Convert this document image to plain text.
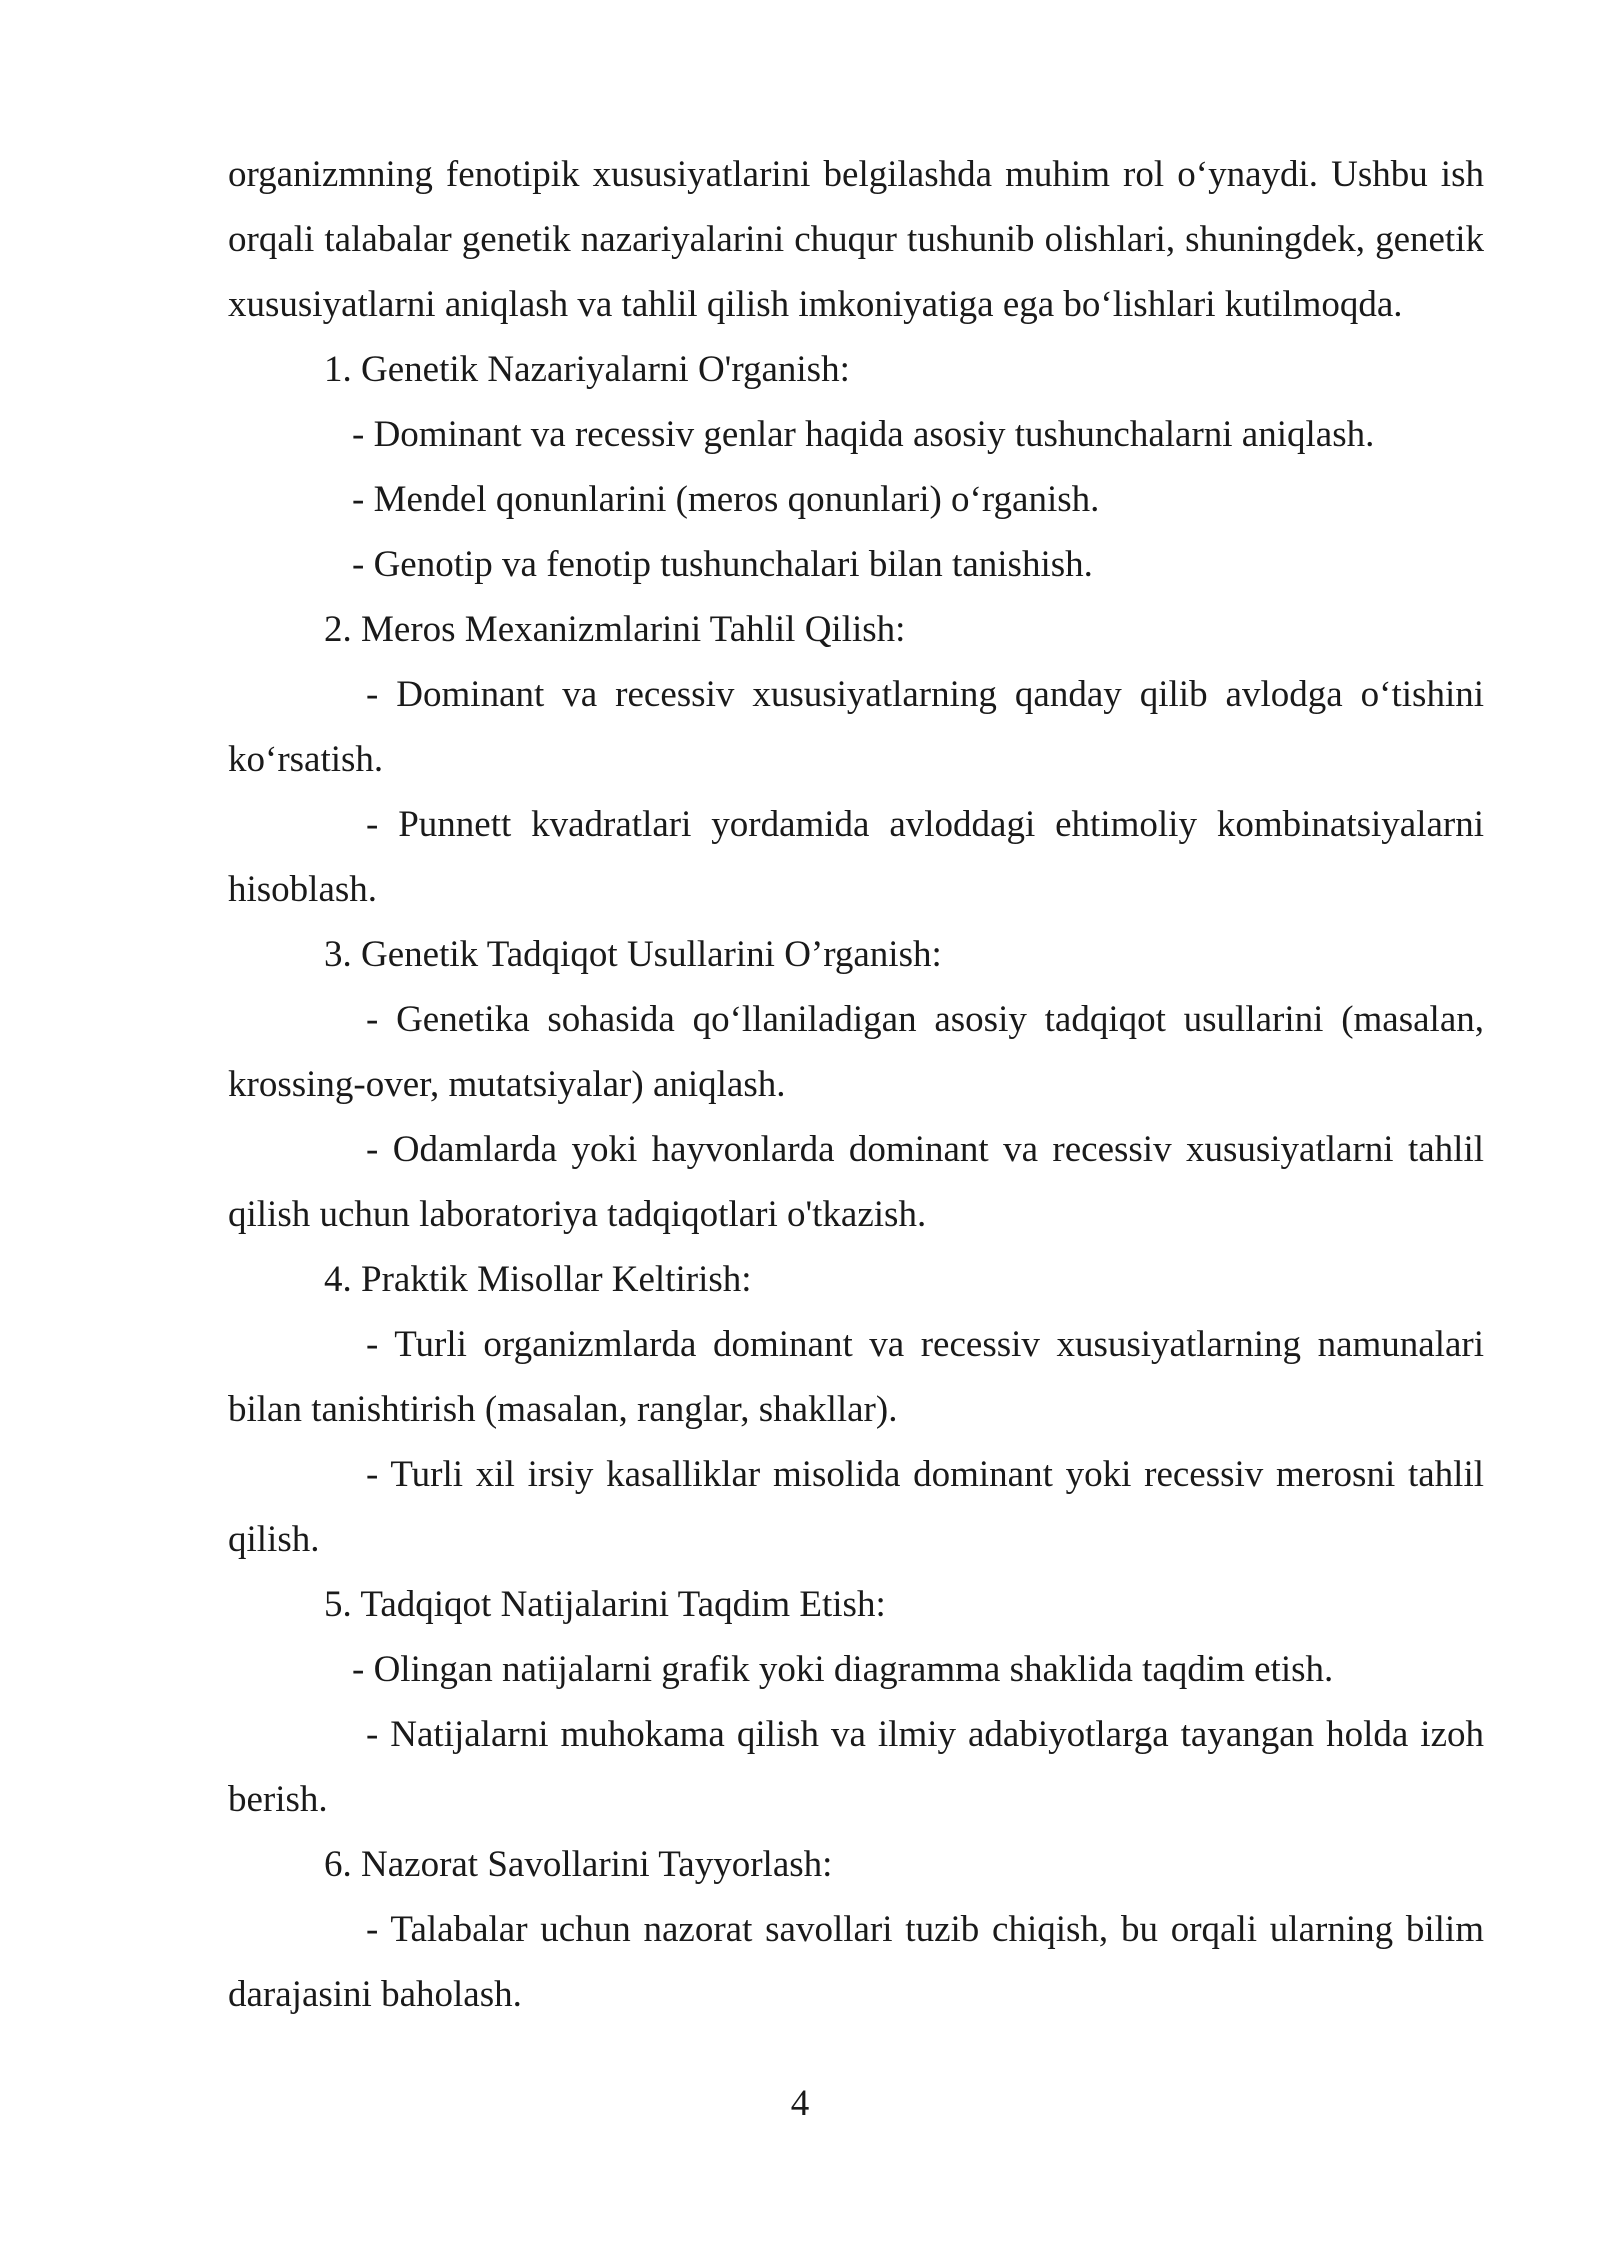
organizmning fenotipik xususiyatlarini belgilashda muhim rol o‘ynaydi. Ushbu ish orqali talabalar genetik nazariyalarini chuqur tushunib olishlari, shuningdek, genetik xususiyatlarni aniqlash va tahlil qilish imkoniyatiga ega bo‘lishlari kutilmoqda.

1. Genetik Nazariyalarni O'rganish:

- Dominant va recessiv genlar haqida asosiy tushunchalarni aniqlash.

- Mendel qonunlarini (meros qonunlari) o‘rganish.

- Genotip va fenotip tushunchalari bilan tanishish.

2. Meros Mexanizmlarini Tahlil Qilish:

- Dominant va recessiv xususiyatlarning qanday qilib avlodga o‘tishini ko‘rsatish.

- Punnett kvadratlari yordamida avloddagi ehtimoliy kombinatsiyalarni hisoblash.

3. Genetik Tadqiqot Usullarini O’rganish:

- Genetika sohasida qo‘llaniladigan asosiy tadqiqot usullarini (masalan, krossing-over, mutatsiyalar) aniqlash.

- Odamlarda yoki hayvonlarda dominant va recessiv xususiyatlarni tahlil qilish uchun laboratoriya tadqiqotlari o'tkazish.

4. Praktik Misollar Keltirish:

- Turli organizmlarda dominant va recessiv xususiyatlarning namunalari bilan tanishtirish (masalan, ranglar, shakllar).

- Turli xil irsiy kasalliklar misolida dominant yoki recessiv merosni tahlil qilish.

5. Tadqiqot Natijalarini Taqdim Etish:

- Olingan natijalarni grafik yoki diagramma shaklida taqdim etish.

- Natijalarni muhokama qilish va ilmiy adabiyotlarga tayangan holda izoh berish.

6. Nazorat Savollarini Tayyorlash:

- Talabalar uchun nazorat savollari tuzib chiqish, bu orqali ularning bilim darajasini baholash.

4
